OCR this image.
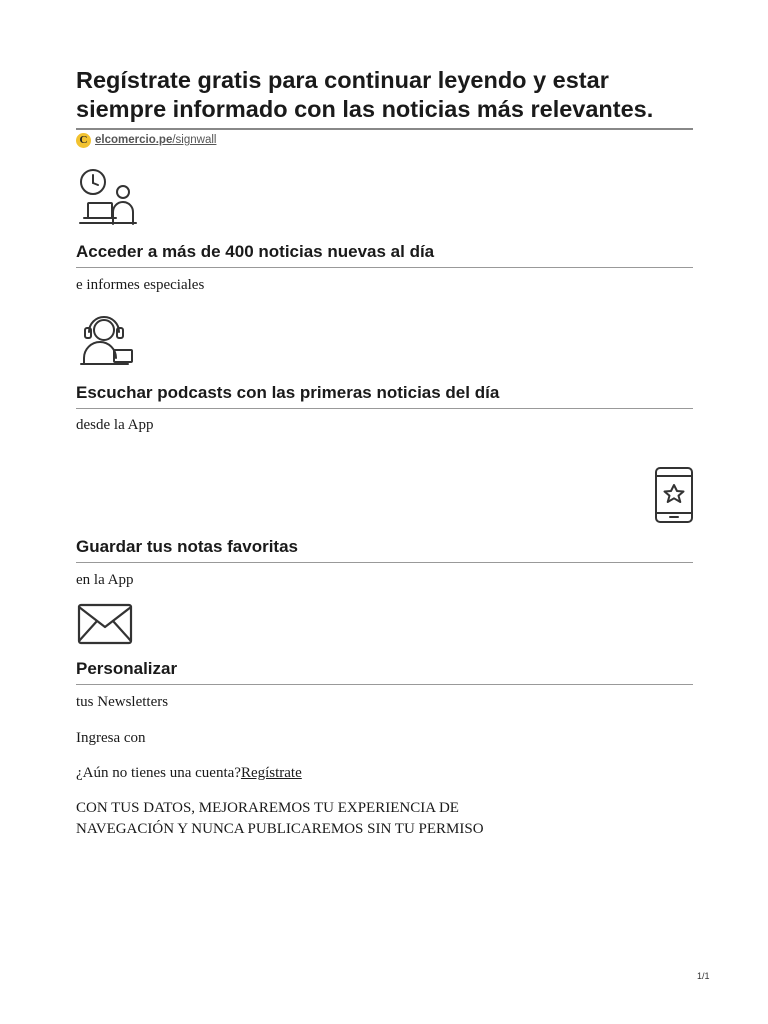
Regístrate gratis para continuar leyendo y estar siempre informado con las noticias más relevantes.
C elcomercio.pe/signwall
Acceder a más de 400 noticias nuevas al día

e informes especiales

Escuchar podcasts con las primeras noticias del día

desde la App

Guardar tus notas favoritas

en la App

Personalizar

tus Newsletters

Ingresa con

¿Aún no tienes una cuenta?Regístrate

CON TUS DATOS, MEJORAREMOS TU EXPERIENCIA DE
NAVEGACIÓN Y NUNCA PUBLICAREMOS SIN TU PERMISO

1/1
